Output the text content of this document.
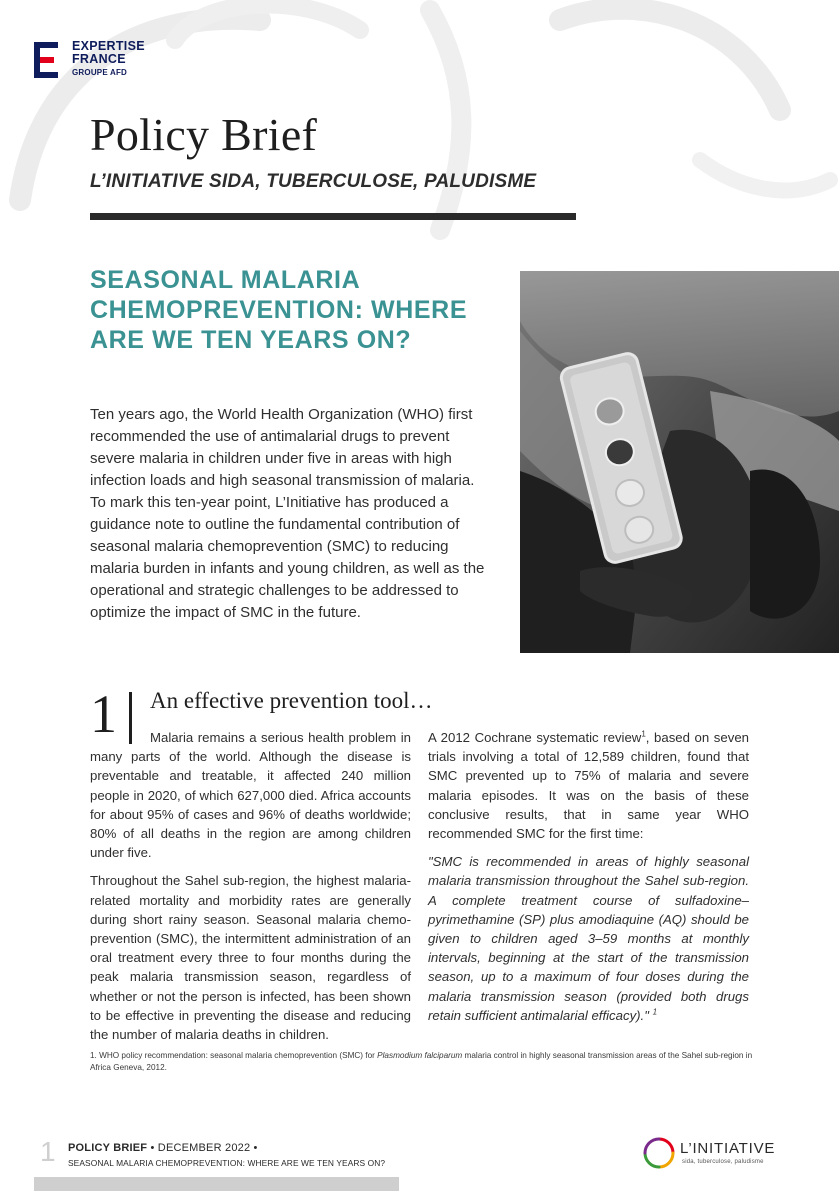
EXPERTISE
FRANCE
GROUPE AFD
Policy Brief
L’INITIATIVE SIDA, TUBERCULOSE, PALUDISME
SEASONAL MALARIA CHEMOPREVENTION: WHERE ARE WE TEN YEARS ON?
Ten years ago, the World Health Organization (WHO) first recommended the use of antimalarial drugs to prevent severe malaria in children under five in areas with high infection loads and high seasonal transmission of malaria. To mark this ten-year point, L’Initiative has produced a guidance note to outline the fundamental contribution of seasonal malaria chemoprevention (SMC) to reducing malaria burden in infants and young children, as well as the operational and strategic challenges to be addressed to optimize the impact of SMC in the future.
1 An effective prevention tool…

Malaria remains a serious health problem in many parts of the world. Although the disease is preventable and treatable, it affected 240 million people in 2020, of which 627,000 died. Africa accounts for about 95% of cases and 96% of deaths worldwide; 80% of all deaths in the region are among children under five.

Throughout the Sahel sub-region, the highest malaria-related mortality and morbidity rates are generally during short rainy season. Seasonal malaria chemo-prevention (SMC), the intermittent administration of an oral treatment every three to four months during the peak malaria transmission season, regardless of whether or not the person is infected, has been shown to be effective in preventing the disease and reducing the number of malaria deaths in children.

A 2012 Cochrane systematic review$^1$, based on seven trials involving a total of 12,589 children, found that SMC prevented up to 75% of malaria and severe malaria episodes. It was on the basis of these conclusive results, that in same year WHO recommended SMC for the first time:

"SMC is recommended in areas of highly seasonal malaria transmission throughout the Sahel sub-region. A complete treatment course of sulfadoxine–pyrimethamine (SP) plus amodiaquine (AQ) should be given to children aged 3–59 months at monthly intervals, beginning at the start of the transmission season, up to a maximum of four doses during the malaria transmission season (provided both drugs retain sufficient antimalarial efficacy)." $^1$

1. WHO policy recommendation: seasonal malaria chemoprevention (SMC) for Plasmodium falciparum malaria control in highly seasonal transmission areas of the Sahel sub-region in Africa Geneva, 2012.
1 POLICY BRIEF • DECEMBER 2022 •
SEASONAL MALARIA CHEMOPREVENTION: WHERE ARE WE TEN YEARS ON?
L’INITIATIVE
sida, tuberculose, paludisme
